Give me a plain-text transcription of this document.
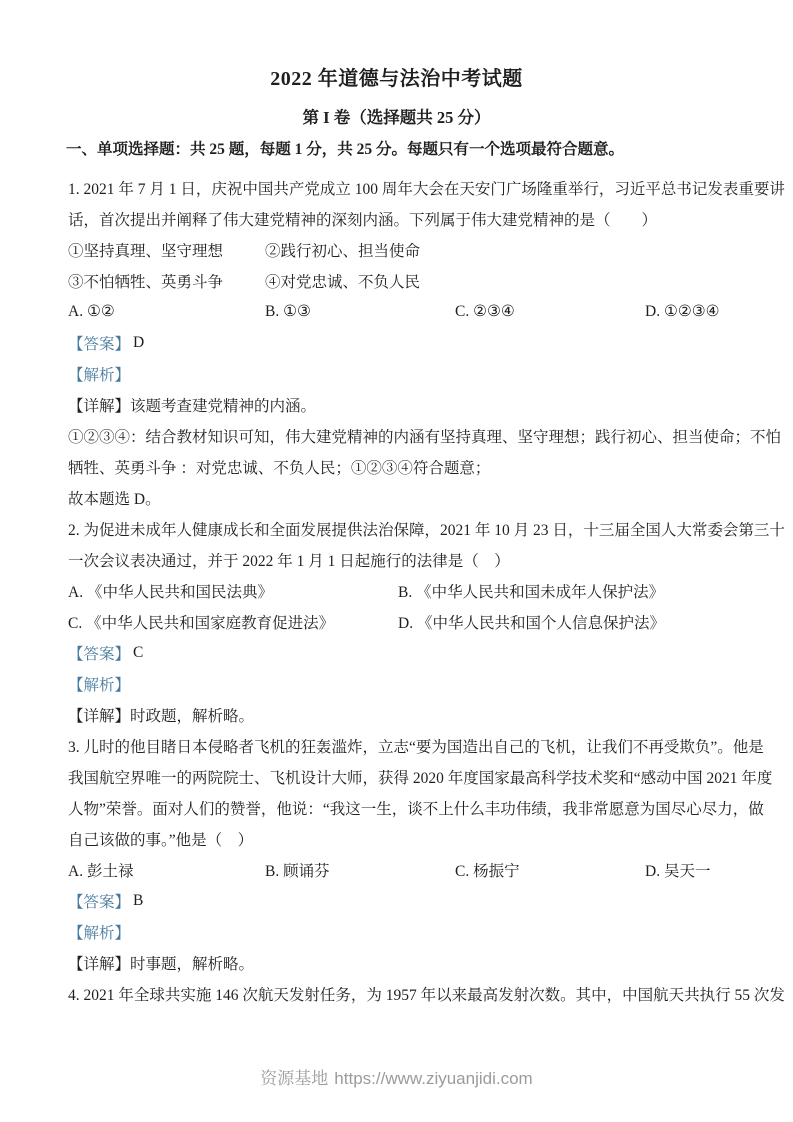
2022 年道德与法治中考试题
第 I 卷（选择题共 25 分）
一、单项选择题：共 25 题，每题 1 分，共 25 分。每题只有一个选项最符合题意。
1. 2021 年 7 月 1 日，庆祝中国共产党成立 100 周年大会在天安门广场隆重举行，习近平总书记发表重要讲
话，首次提出并阐释了伟大建党精神的深刻内涵。下列属于伟大建党精神的是（　　）
①坚持真理、坚守理想	②践行初心、担当使命
③不怕牺牲、英勇斗争	④对党忠诚、不负人民
A. ①②	B. ①③	C. ②③④	D. ①②③④
【答案】 D
【解析】
【详解】该题考查建党精神的内涵。
①②③④：结合教材知识可知，伟大建党精神的内涵有坚持真理、坚守理想；践行初心、担当使命；不怕
牺牲、英勇斗争 ：对党忠诚、不负人民；①②③④符合题意；
故本题选 D。
2. 为促进未成年人健康成长和全面发展提供法治保障，2021 年 10 月 23 日，十三届全国人大常委会第三十
一次会议表决通过，并于 2022 年 1 月 1 日起施行的法律是（　）
A. 《中华人民共和国民法典》	B. 《中华人民共和国未成年人保护法》
C. 《中华人民共和国家庭教育促进法》	D. 《中华人民共和国个人信息保护法》
【答案】 C
【解析】
【详解】时政题，解析略。
3. 儿时的他目睹日本侵略者飞机的狂轰滥炸，立志“要为国造出自己的飞机，让我们不再受欺负”。他是
我国航空界唯一的两院院士、飞机设计大师，获得 2020 年度国家最高科学技术奖和“感动中国 2021 年度
人物”荣誉。面对人们的赞誉，他说：“我这一生，谈不上什么丰功伟绩，我非常愿意为国尽心尽力，做
自己该做的事。”他是（　）
A. 彭土禄	B. 顾诵芬	C. 杨振宁	D. 吴天一
【答案】 B
【解析】
【详解】时事题，解析略。
4. 2021 年全球共实施 146 次航天发射任务，为 1957 年以来最高发射次数。其中，中国航天共执行 55 次发
资源基地 https://www.ziyuanjidi.com
